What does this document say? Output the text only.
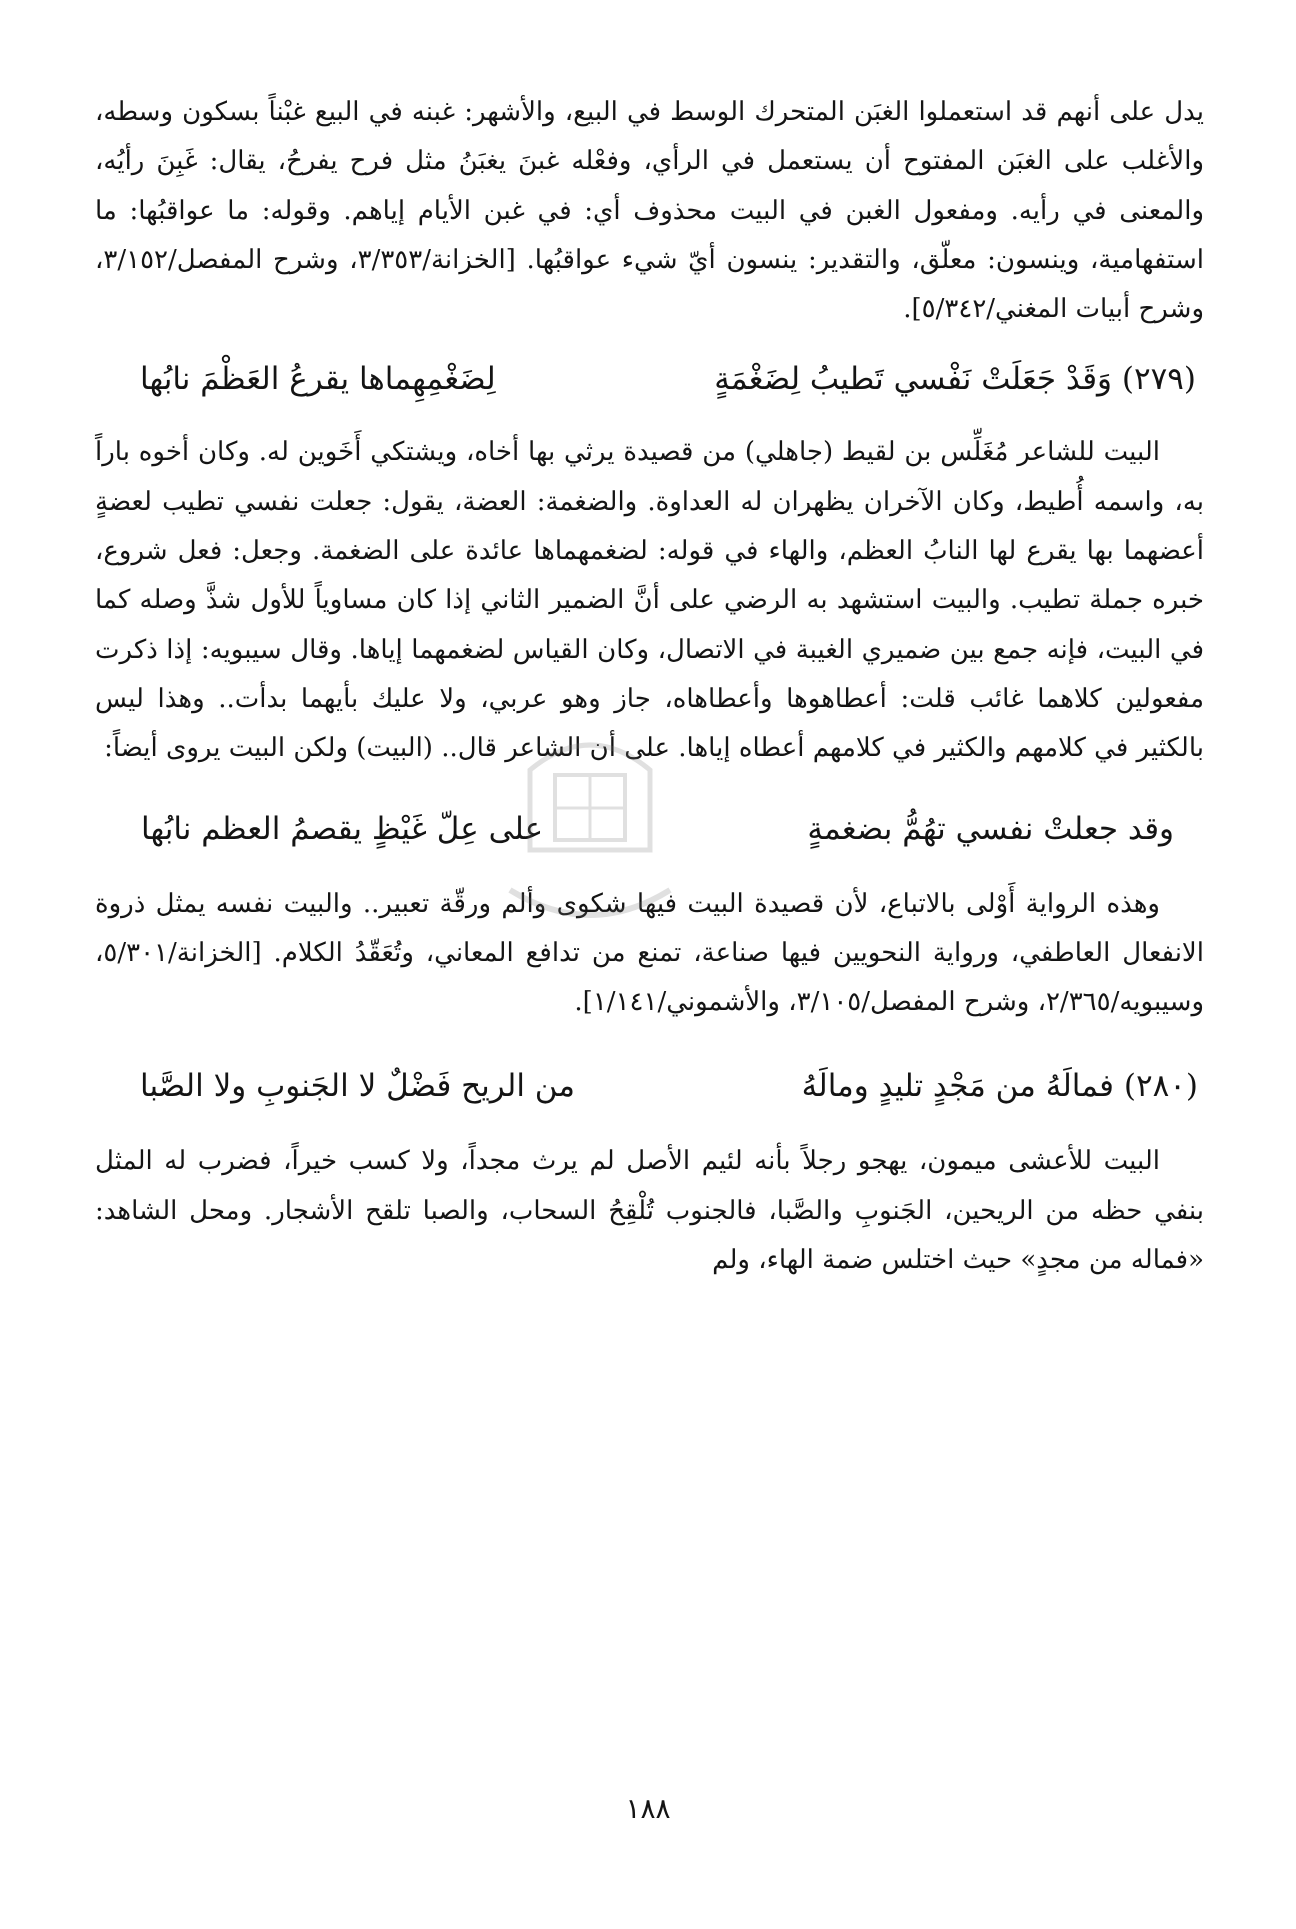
يدل على أنهم قد استعملوا الغبَن المتحرك الوسط في البيع، والأشهر: غبنه في البيع غبْناً بسكون وسطه، والأغلب على الغبَن المفتوح أن يستعمل في الرأي، وفعْله غبنَ يغبَنُ مثل فرح يفرحُ، يقال: غَبِنَ رأيُه، والمعنى في رأيه. ومفعول الغبن في البيت محذوف أي: في غبن الأيام إياهم. وقوله: ما عواقبُها: ما استفهامية، وينسون: معلّق، والتقدير: ينسون أيّ شيء عواقبُها. [الخزانة/٣/٣٥٣، وشرح المفصل/٣/١٥٢، وشرح أبيات المغني/٥/٣٤٢].

(٢٧٩) وَقَدْ جَعَلَتْ نَفْسي تَطيبُ لِضَغْمَةٍ
لِضَغْمِهِماها يقرعُ العَظْمَ نابُها

البيت للشاعر مُغَلِّس بن لقيط (جاهلي) من قصيدة يرثي بها أخاه، ويشتكي أَخَوين له. وكان أخوه باراً به، واسمه أُطيط، وكان الآخران يظهران له العداوة. والضغمة: العضة، يقول: جعلت نفسي تطيب لعضةٍ أعضهما بها يقرع لها النابُ العظم، والهاء في قوله: لضغمهماها عائدة على الضغمة. وجعل: فعل شروع، خبره جملة تطيب. والبيت استشهد به الرضي على أنَّ الضمير الثاني إذا كان مساوياً للأول شذَّ وصله كما في البيت، فإنه جمع بين ضميري الغيبة في الاتصال، وكان القياس لضغمهما إياها. وقال سيبويه: إذا ذكرت مفعولين كلاهما غائب قلت: أعطاهوها وأعطاهاه، جاز وهو عربي، ولا عليك بأيهما بدأت.. وهذا ليس بالكثير في كلامهم والكثير في كلامهم أعطاه إياها. على أن الشاعر قال.. (البيت) ولكن البيت يروى أيضاً:

وقد جعلتْ نفسي تهُمُّ بضغمةٍ
على عِلّ غَيْظٍ يقصمُ العظم نابُها

وهذه الرواية أَوْلى بالاتباع، لأن قصيدة البيت فيها شكوى وألم ورقّة تعبير.. والبيت نفسه يمثل ذروة الانفعال العاطفي، ورواية النحويين فيها صناعة، تمنع من تدافع المعاني، وتُعَقّدُ الكلام. [الخزانة/٥/٣٠١، وسيبويه/٢/٣٦٥، وشرح المفصل/٣/١٠٥، والأشموني/١/١٤١].

(٢٨٠) فمالَهُ من مَجْدٍ تليدٍ ومالَهُ
من الريح فَضْلٌ لا الجَنوبِ ولا الصَّبا

البيت للأعشى ميمون، يهجو رجلاً بأنه لئيم الأصل لم يرث مجداً، ولا كسب خيراً، فضرب له المثل بنفي حظه من الريحين، الجَنوبِ والصَّبا، فالجنوب تُلْقِحُ السحاب، والصبا تلقح الأشجار. ومحل الشاهد: «فماله من مجدٍ» حيث اختلس ضمة الهاء، ولم

١٨٨
